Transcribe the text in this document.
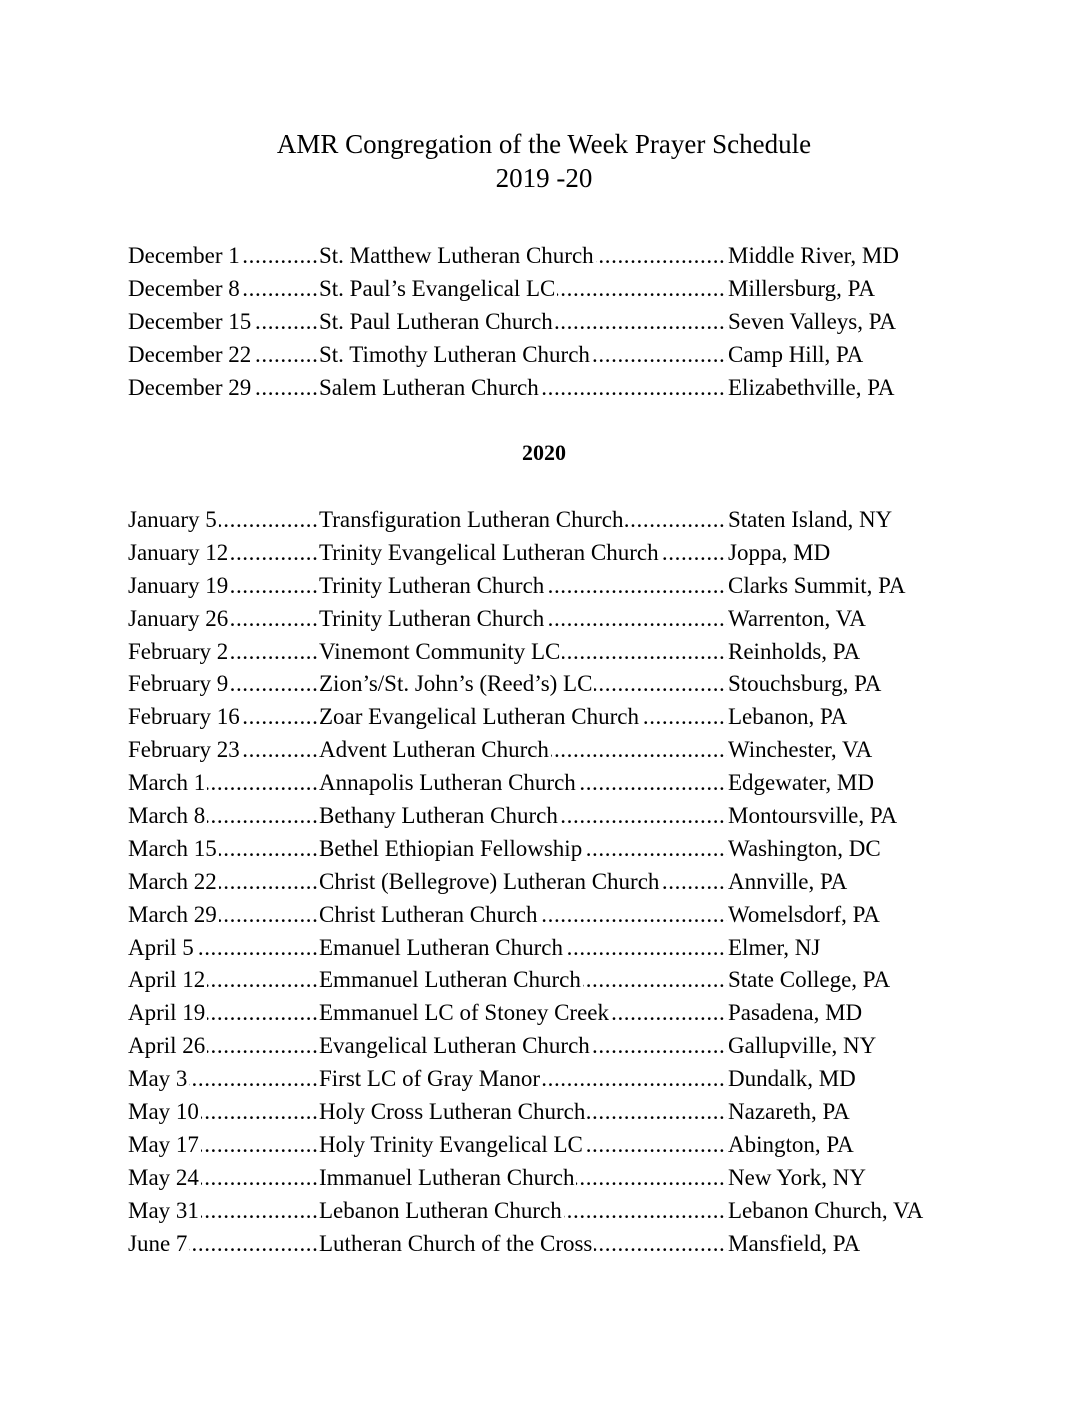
AMR Congregation of the Week Prayer Schedule
2019 -20
December 1 .....	St. Matthew Lutheran Church .....	Middle River, MD
December 8 .....	St. Paul’s Evangelical LC .....	Millersburg, PA
December 15 .....	St. Paul Lutheran Church .....	Seven Valleys, PA
December 22 .....	St. Timothy Lutheran Church .....	Camp Hill, PA
December 29 .....	Salem Lutheran Church .....	Elizabethville, PA
2020
January 5 .....	Transfiguration Lutheran Church .....	Staten Island, NY
January 12 .....	Trinity Evangelical Lutheran Church .....	Joppa, MD
January 19 .....	Trinity Lutheran Church .....	Clarks Summit, PA
January 26 .....	Trinity Lutheran Church .....	Warrenton, VA
February 2 .....	Vinemont Community LC .....	Reinholds, PA
February 9 .....	Zion’s/St. John’s (Reed’s) LC .....	Stouchsburg, PA
February 16 .....	Zoar Evangelical Lutheran Church .....	Lebanon, PA
February 23 .....	Advent Lutheran Church .....	Winchester, VA
March 1 .....	Annapolis Lutheran Church .....	Edgewater, MD
March 8 .....	Bethany Lutheran Church .....	Montoursville, PA
March 15 .....	Bethel Ethiopian Fellowship .....	Washington, DC
March 22 .....	Christ (Bellegrove) Lutheran Church .....	Annville, PA
March 29 .....	Christ Lutheran Church .....	Womelsdorf, PA
April 5 .....	Emanuel Lutheran Church .....	Elmer, NJ
April 12 .....	Emmanuel Lutheran Church .....	State College, PA
April 19 .....	Emmanuel LC of Stoney Creek .....	Pasadena, MD
April 26 .....	Evangelical Lutheran Church .....	Gallupville, NY
May 3 .....	First LC of Gray Manor .....	Dundalk, MD
May 10 .....	Holy Cross Lutheran Church .....	Nazareth, PA
May 17 .....	Holy Trinity Evangelical LC .....	Abington, PA
May 24 .....	Immanuel Lutheran Church .....	New York, NY
May 31 .....	Lebanon Lutheran Church .....	Lebanon Church, VA
June 7 .....	Lutheran Church of the Cross .....	Mansfield, PA
